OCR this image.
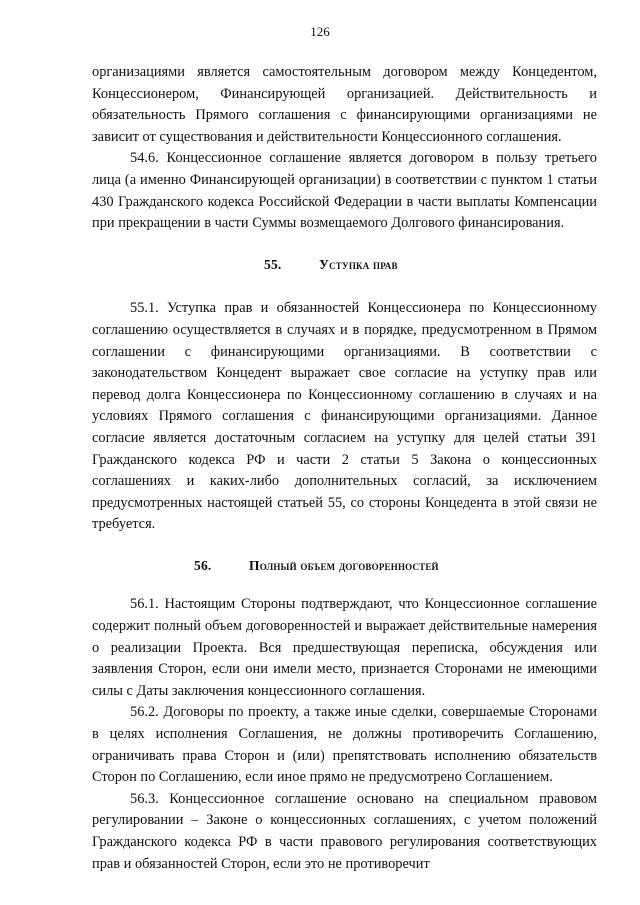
126

организациями является самостоятельным договором между Концедентом, Концессионером, Финансирующей организацией. Действительность и обязательность Прямого соглашения с финансирующими организациями не зависит от существования и действительности Концессионного соглашения.

54.6. Концессионное соглашение является договором в пользу третьего лица (а именно Финансирующей организации) в соответствии с пунктом 1 статьи 430 Гражданского кодекса Российской Федерации в части выплаты Компенсации при прекращении в части Суммы возмещаемого Долгового финансирования.

55.	Уступка прав

55.1. Уступка прав и обязанностей Концессионера по Концессионному соглашению осуществляется в случаях и в порядке, предусмотренном в Прямом соглашении с финансирующими организациями. В соответствии с законодательством Концедент выражает свое согласие на уступку прав или перевод долга Концессионера по Концессионному соглашению в случаях и на условиях Прямого соглашения с финансирующими организациями. Данное согласие является достаточным согласием на уступку для целей статьи 391 Гражданского кодекса РФ и части 2 статьи 5 Закона о концессионных соглашениях и каких-либо дополнительных согласий, за исключением предусмотренных настоящей статьей 55, со стороны Концедента в этой связи не требуется.

56.	Полный объем договоренностей

56.1. Настоящим Стороны подтверждают, что Концессионное соглашение содержит полный объем договоренностей и выражает действительные намерения о реализации Проекта. Вся предшествующая переписка, обсуждения или заявления Сторон, если они имели место, признается Сторонами не имеющими силы с Даты заключения концессионного соглашения.

56.2. Договоры по проекту, а также иные сделки, совершаемые Сторонами в целях исполнения Соглашения, не должны противоречить Соглашению, ограничивать права Сторон и (или) препятствовать исполнению обязательств Сторон по Соглашению, если иное прямо не предусмотрено Соглашением.

56.3. Концессионное соглашение основано на специальном правовом регулировании – Законе о концессионных соглашениях, с учетом положений Гражданского кодекса РФ в части правового регулирования соответствующих прав и обязанностей Сторон, если это не противоречит
